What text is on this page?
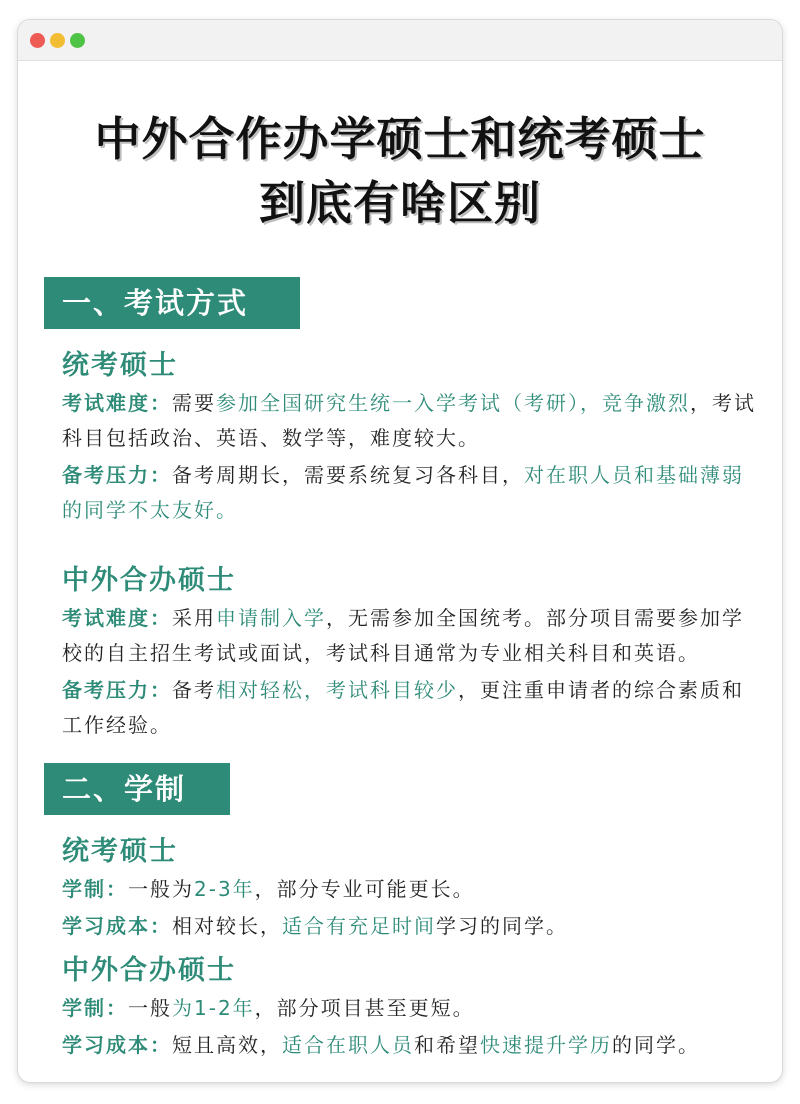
中外合作办学硕士和统考硕士
到底有啥区别
一、考试方式
统考硕士
考试难度：需要参加全国研究生统一入学考试（考研），竞争激烈，考试科目包括政治、英语、数学等，难度较大。
备考压力：备考周期长，需要系统复习各科目，对在职人员和基础薄弱的同学不太友好。
中外合办硕士
考试难度：采用申请制入学，无需参加全国统考。部分项目需要参加学校的自主招生考试或面试，考试科目通常为专业相关科目和英语。
备考压力：备考相对轻松，考试科目较少，更注重申请者的综合素质和工作经验。
二、学制
统考硕士
学制：一般为2-3年，部分专业可能更长。
学习成本：相对较长，适合有充足时间学习的同学。
中外合办硕士
学制：一般为1-2年，部分项目甚至更短。
学习成本：短且高效，适合在职人员和希望快速提升学历的同学。
